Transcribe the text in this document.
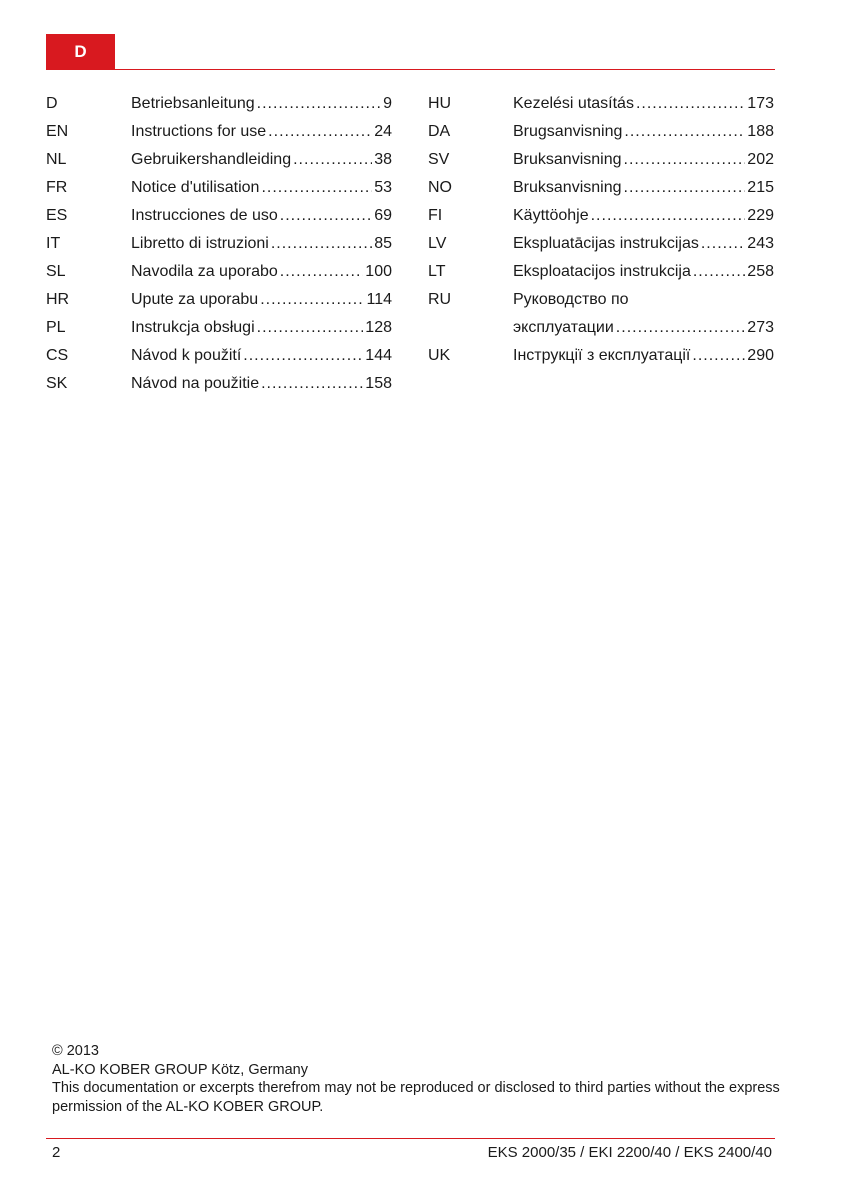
D
D	Betriebsanleitung .....	9
EN	Instructions for use .....	24
NL	Gebruikershandleiding .....	38
FR	Notice d'utilisation .....	53
ES	Instrucciones de uso .....	69
IT	Libretto di istruzioni .....	85
SL	Navodila za uporabo .....	100
HR	Upute za uporabu .....	114
PL	Instrukcja obsługi .....	128
CS	Návod k použití .....	144
SK	Návod na použitie .....	158
HU	Kezelési utasítás .....	173
DA	Brugsanvisning .....	188
SV	Bruksanvisning .....	202
NO	Bruksanvisning .....	215
FI	Käyttöohje .....	229
LV	Ekspluatācijas instrukcijas .....	243
LT	Eksploatacijos instrukcija .....	258
RU	Руководство по
эксплуатации .....	273
UK	Інструкції з експлуатації .....	290
© 2013
AL-KO KOBER GROUP Kötz, Germany
This documentation or excerpts therefrom may not be reproduced or disclosed to third parties without the express permission of the AL-KO KOBER GROUP.
2	EKS 2000/35 / EKI 2200/40 / EKS 2400/40
